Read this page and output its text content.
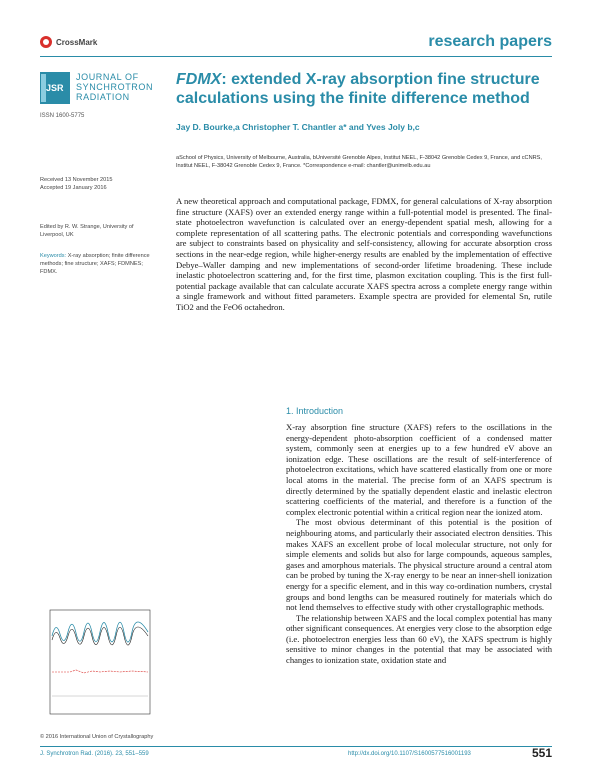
CrossMark	research papers
JSR
JOURNAL OF
SYNCHROTRON
RADIATION
ISSN 1600-5775
FDMX: extended X-ray absorption fine structure calculations using the finite difference method
Jay D. Bourke,a Christopher T. Chantler a* and Yves Joly b,c
aSchool of Physics, University of Melbourne, Australia, bUniversité Grenoble Alpes, Institut NEEL, F-38042 Grenoble Cedex 9, France, and cCNRS, Institut NEEL, F-38042 Grenoble Cedex 9, France. *Correspondence e-mail: chantler@unimelb.edu.au
Received 13 November 2015
Accepted 19 January 2016
Edited by R. W. Strange, University of Liverpool, UK
Keywords: X-ray absorption; finite difference methods; fine structure; XAFS; FDMNES; FDMX.
A new theoretical approach and computational package, FDMX, for general calculations of X-ray absorption fine structure (XAFS) over an extended energy range within a full-potential model is presented. The final-state photoelectron wavefunction is calculated over an energy-dependent spatial mesh, allowing for a complete representation of all scattering paths. The electronic potentials and corresponding wavefunctions are subject to constraints based on physicality and self-consistency, allowing for accurate absorption cross sections in the near-edge region, while higher-energy results are enabled by the implementation of effective Debye–Waller damping and new implementations of second-order lifetime broadening. These include inelastic photoelectron scattering and, for the first time, plasmon excitation coupling. This is the first full-potential package available that can calculate accurate XAFS spectra across a complete energy range within a single framework and without fitted parameters. Example spectra are provided for elemental Sn, rutile TiO2 and the FeO6 octahedron.
1. Introduction

X-ray absorption fine structure (XAFS) refers to the oscillations in the energy-dependent photo-absorption coefficient of a condensed matter system, commonly seen at energies up to a few hundred eV above an ionization edge. These oscillations are the result of self-interference of photoelectron excitations, which have scattered elastically from one or more local atoms in the material. The precise form of an XAFS spectrum is directly determined by the spatially dependent elastic and inelastic electron scattering coefficients of the material, and therefore is a function of the complex electronic potential within a critical region near the ionized atom.

The most obvious determinant of this potential is the position of neighbouring atoms, and particularly their associated electron densities. This makes XAFS an excellent probe of local molecular structure, not only for simple elements and solids but also for large compounds, aqueous samples, gases and amorphous materials. The physical structure around a central atom can be probed by tuning the X-ray energy to be near an inner-shell ionization energy for a specific element, and in this way co-ordination numbers, crystal groups and bond lengths can be measured routinely for materials which do not lend themselves to effective study with other crystallographic methods.

The relationship between XAFS and the local complex potential has many other significant consequences. At energies very close to the absorption edge (i.e. photoelectron energies less than 60 eV), the XAFS spectrum is highly sensitive to minor changes in the potential that may be associated with changes to ionization state, oxidation state and

© 2016 International Union of Crystallography
J. Synchrotron Rad. (2016). 23, 551–559	http://dx.doi.org/10.1107/S1600577516001193	551
